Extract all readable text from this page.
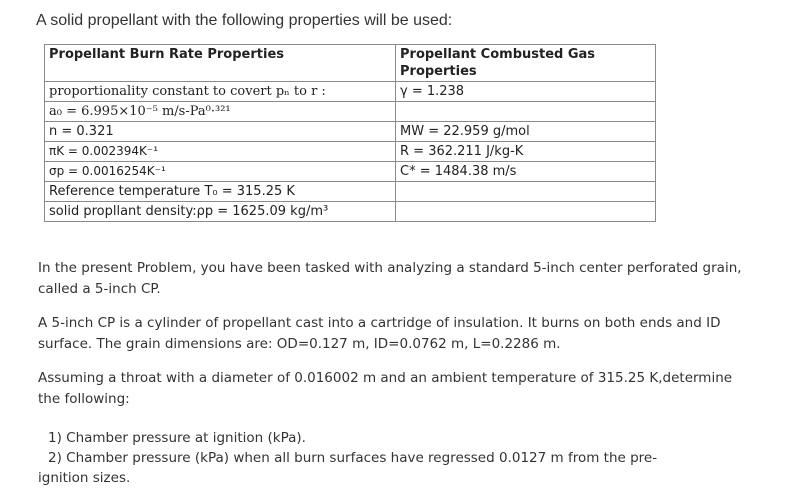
A solid propellant with the following properties will be used:
Propellant Burn Rate Properties	Propellant Combusted Gas Properties
proportionality constant to covert pₙ to r :	γ = 1.238
a₀ = 6.995×10⁻⁵ m/s-Pa⁰·³²¹	
n = 0.321	MW = 22.959 g/mol
πK = 0.002394K⁻¹	R = 362.211 J/kg-K
σp = 0.0016254K⁻¹	C* = 1484.38 m/s
Reference temperature T₀ = 315.25 K	
solid propllant density:ρp = 1625.09 kg/m³	
In the present Problem, you have been tasked with analyzing a standard 5-inch center perforated grain, called a 5-inch CP.
A 5-inch CP is a cylinder of propellant cast into a cartridge of insulation. It burns on both ends and ID surface. The grain dimensions are: OD=0.127 m, ID=0.0762 m, L=0.2286 m.
Assuming a throat with a diameter of 0.016002 m and an ambient temperature of 315.25 K,determine the following:
1) Chamber pressure at ignition (kPa).
2) Chamber pressure (kPa) when all burn surfaces have regressed 0.0127 m from the pre-
ignition sizes.
